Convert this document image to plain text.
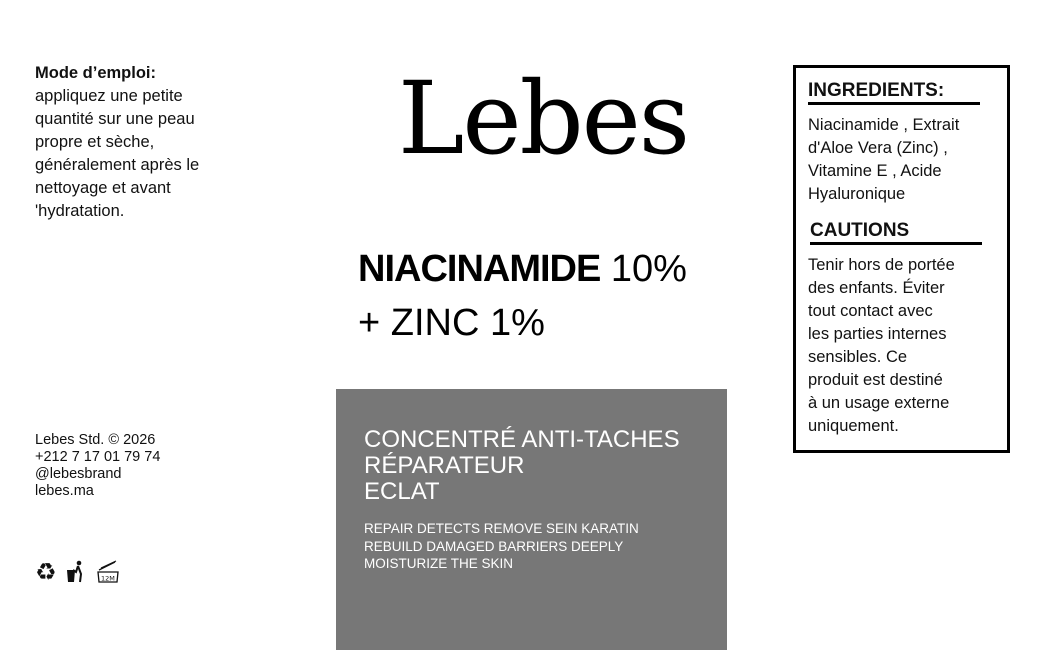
Mode d’emploi:
appliquez une petite
quantité sur une peau
propre et sèche,
généralement après le
nettoyage et avant
'hydratation.
Lebes
NIACINAMIDE 10%
+ ZINC 1%
CONCENTRÉ ANTI-TACHES
RÉPARATEUR
ECLAT
REPAIR DETECTS REMOVE SEIN KARATIN
REBUILD DAMAGED BARRIERS DEEPLY
MOISTURIZE THE SKIN
Lebes Std. © 2026
+212 7 17 01 79 74
@lebesbrand
lebes.ma
♻	12M
INGREDIENTS:
Niacinamide , Extrait
d'Aloe Vera (Zinc) ,
Vitamine E , Acide
Hyaluronique
CAUTIONS
Tenir hors de portée
des enfants. Éviter
tout contact avec
les parties internes
sensibles. Ce
produit est destiné
à un usage externe
uniquement.
